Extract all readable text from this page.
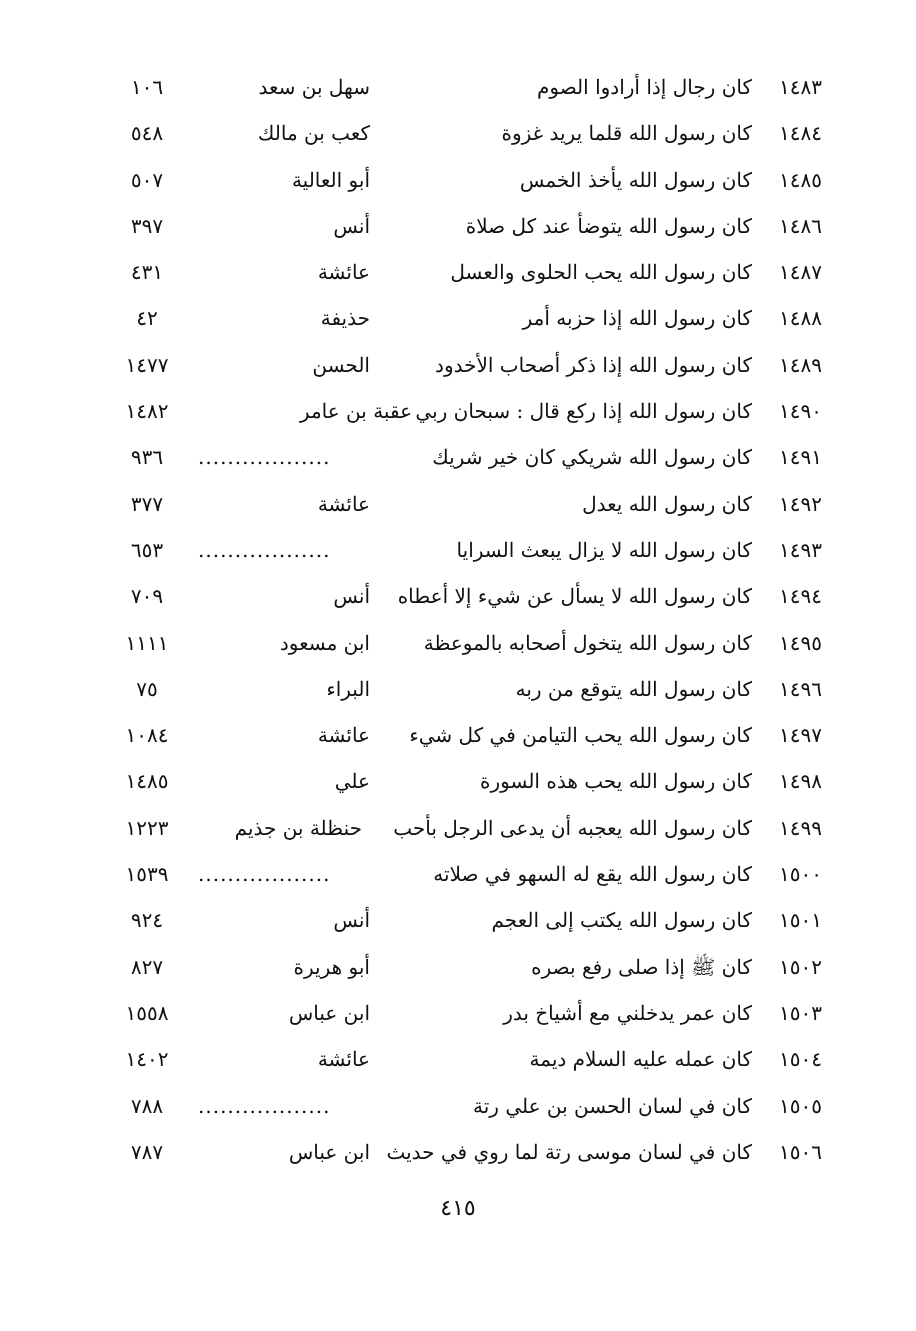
١٤٨٣
كان رجال إذا أرادوا الصوم
سهل بن سعد
١٠٦
١٤٨٤
كان رسول الله قلما يريد غزوة
كعب بن مالك
٥٤٨
١٤٨٥
كان رسول الله يأخذ الخمس
أبو العالية
٥٠٧
١٤٨٦
كان رسول الله يتوضأ عند كل صلاة
أنس
٣٩٧
١٤٨٧
كان رسول الله يحب الحلوى والعسل
عائشة
٤٣١
١٤٨٨
كان رسول الله إذا حزبه أمر
حذيفة
٤٢
١٤٨٩
كان رسول الله إذا ذكر أصحاب الأخدود
الحسن
١٤٧٧
١٤٩٠
كان رسول الله إذا ركع قال : سبحان ربي
عقبة بن عامر
١٤٨٢
١٤٩١
كان رسول الله شريكي كان خير شريك
..................
٩٣٦
١٤٩٢
كان رسول الله يعدل
عائشة
٣٧٧
١٤٩٣
كان رسول الله لا يزال يبعث السرايا
..................
٦٥٣
١٤٩٤
كان رسول الله لا يسأل عن شيء إلا أعطاه
أنس
٧٠٩
١٤٩٥
كان رسول الله يتخول أصحابه بالموعظة
ابن مسعود
١١١١
١٤٩٦
كان رسول الله يتوقع من ربه
البراء
٧٥
١٤٩٧
كان رسول الله يحب التيامن في كل شيء
عائشة
١٠٨٤
١٤٩٨
كان رسول الله يحب هذه السورة
علي
١٤٨٥
١٤٩٩
كان رسول الله يعجبه أن يدعى الرجل بأحب
حنظلة بن جذيم
١٢٢٣
١٥٠٠
كان رسول الله يقع له السهو في صلاته
..................
١٥٣٩
١٥٠١
كان رسول الله يكتب إلى العجم
أنس
٩٢٤
١٥٠٢
كان ﷺ إذا صلى رفع بصره
أبو هريرة
٨٢٧
١٥٠٣
كان عمر يدخلني مع أشياخ بدر
ابن عباس
١٥٥٨
١٥٠٤
كان عمله عليه السلام ديمة
عائشة
١٤٠٢
١٥٠٥
كان في لسان الحسن بن علي رتة
..................
٧٨٨
١٥٠٦
كان في لسان موسى رتة لما روي في حديث
ابن عباس
٧٨٧
٤١٥
